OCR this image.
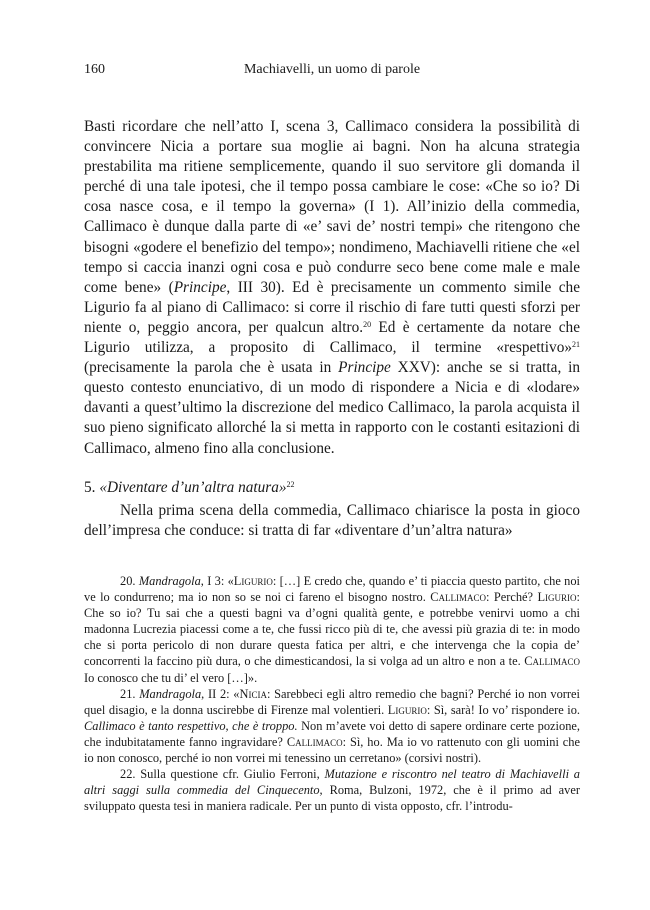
160	Machiavelli, un uomo di parole

Basti ricordare che nell’atto I, scena 3, Callimaco considera la possibilità di convincere Nicia a portare sua moglie ai bagni. Non ha alcuna strategia prestabilita ma ritiene semplicemente, quando il suo servitore gli domanda il perché di una tale ipotesi, che il tempo possa cambiare le cose: «Che so io? Di cosa nasce cosa, e il tempo la governa» (I 1). All’inizio della commedia, Callimaco è dunque dalla parte di «e’ savi de’ nostri tempi» che ritengono che bisogni «godere el benefizio del tempo»; nondimeno, Machiavelli ritiene che «el tempo si caccia inanzi ogni cosa e può condurre seco bene come male e male come bene» (Principe, III 30). Ed è precisamente un commento simile che Ligurio fa al piano di Callimaco: si corre il rischio di fare tutti questi sforzi per niente o, peggio ancora, per qualcun altro.$^{20}$ Ed è certamente da notare che Ligurio utilizza, a proposito di Callimaco, il termine «respettivo»$^{21}$ (precisamente la parola che è usata in Principe XXV): anche se si tratta, in questo contesto enunciativo, di un modo di rispondere a Nicia e di «lodare» davanti a quest’ultimo la discrezione del medico Callimaco, la parola acquista il suo pieno significato allorché la si metta in rapporto con le costanti esitazioni di Callimaco, almeno fino alla conclusione.

5. «Diventare d’un’altra natura»$^{22}$
Nella prima scena della commedia, Callimaco chiarisce la posta in gioco dell’impresa che conduce: si tratta di far «diventare d’un’altra natura»

20. Mandragola, I 3: «Ligurio: […] E credo che, quando e’ ti piaccia questo partito, che noi ve lo condurreno; ma io non so se noi ci fareno el bisogno nostro. Callimaco: Perché? Ligurio: Che so io? Tu sai che a questi bagni va d’ogni qualità gente, e potrebbe venirvi uomo a chi madonna Lucrezia piacessi come a te, che fussi ricco più di te, che avessi più grazia di te: in modo che si porta pericolo di non durare questa fatica per altri, e che intervenga che la copia de’ concorrenti la faccino più dura, o che dimesticandosi, la si volga ad un altro e non a te. Callimaco Io conosco che tu di’ el vero […]».

21. Mandragola, II 2: «Nicia: Sarebbeci egli altro remedio che bagni? Perché io non vorrei quel disagio, e la donna uscirebbe di Firenze mal volentieri. Ligurio: Sì, sarà! Io vo’ risponderе io. Callimaco è tanto respettivo, che è troppo. Non m’avete voi detto di sapere ordinare certe pozione, che indubitatamente fanno ingravidare? Callimaco: Sì, ho. Ma io vo rattenuto con gli uomini che io non conosco, perché io non vorrei mi tenessino un cerretano» (corsivi nostri).

22. Sulla questione cfr. Giulio Ferroni, Mutazione e riscontro nel teatro di Machiavelli a altri saggi sulla commedia del Cinquecento, Roma, Bulzoni, 1972, che è il primo ad aver sviluppato questa tesi in maniera radicale. Per un punto di vista opposto, cfr. l’introdu-
